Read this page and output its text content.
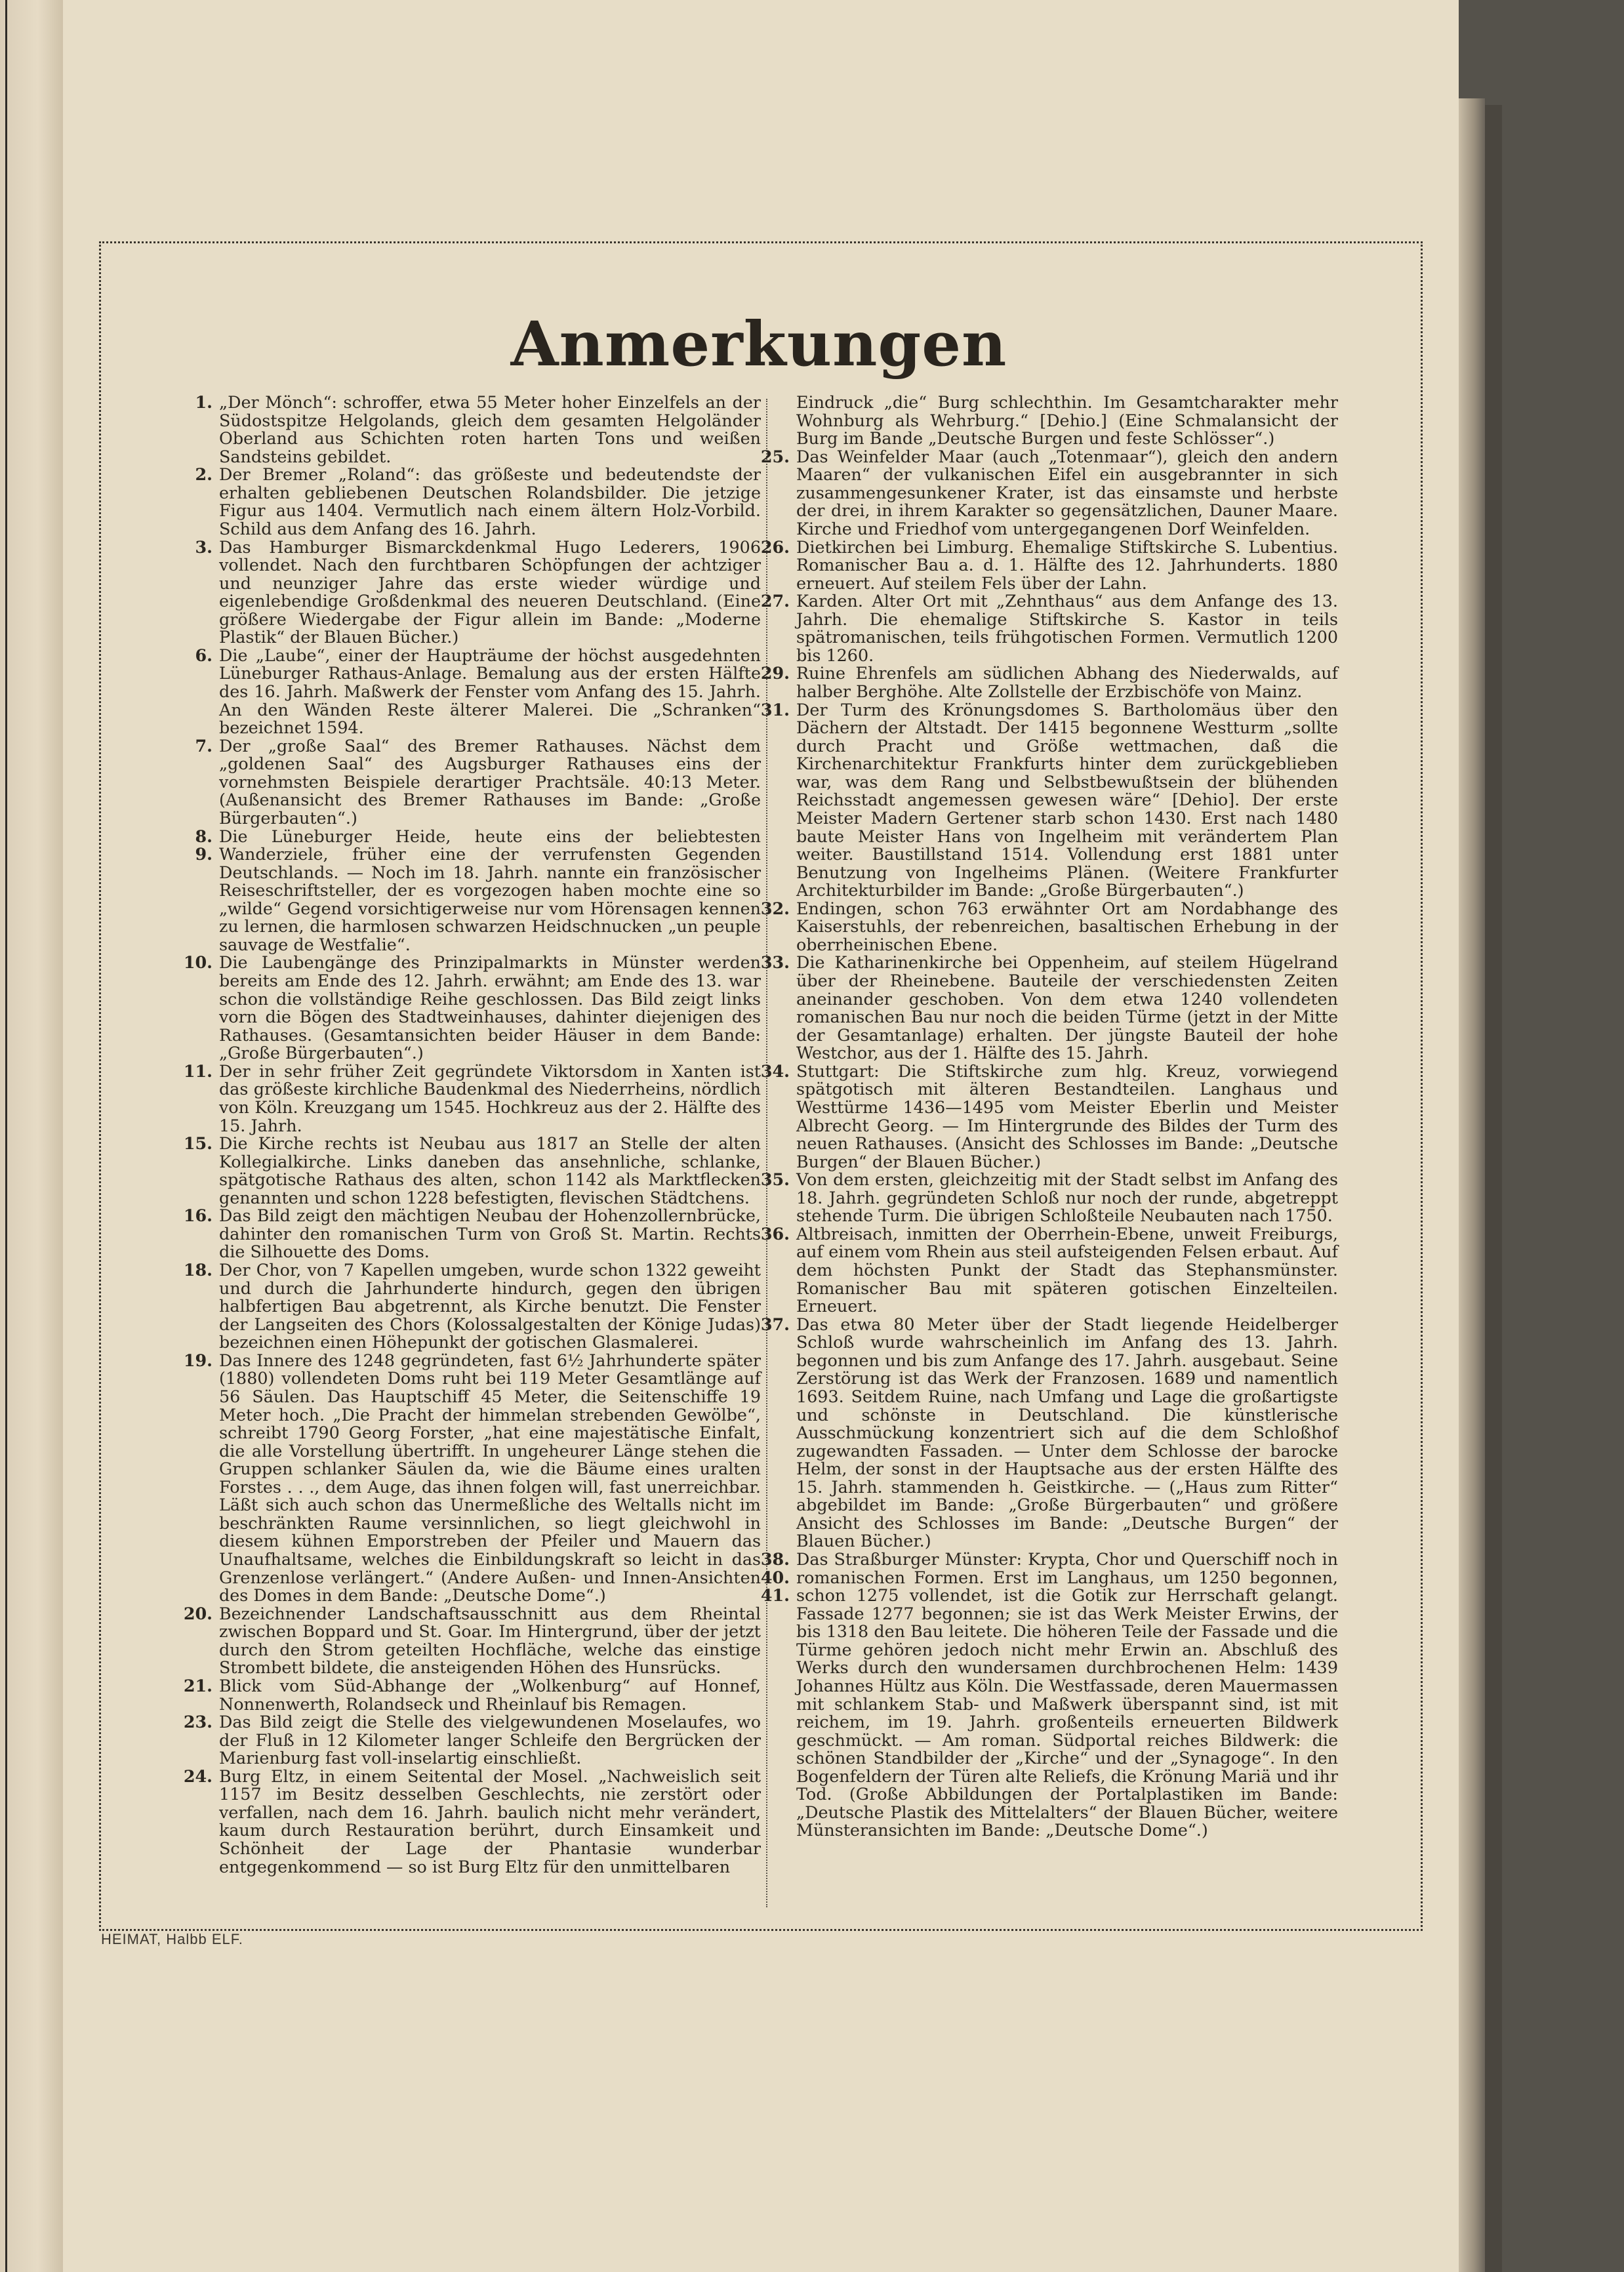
Anmerkungen

1. „Der Mönch“: schroffer, etwa 55 Meter hoher Einzelfels an der Südostspitze Helgolands, gleich dem gesamten Helgoländer Oberland aus Schichten roten harten Tons und weißen Sandsteins gebildet.

2. Der Bremer „Roland“: das größeste und bedeutendste der erhalten gebliebenen Deutschen Rolandsbilder. Die jetzige Figur aus 1404. Vermutlich nach einem ältern Holz-Vorbild. Schild aus dem Anfang des 16. Jahrh.

3. Das Hamburger Bismarckdenkmal Hugo Lederers, 1906 vollendet. Nach den furchtbaren Schöpfungen der achtziger und neunziger Jahre das erste wieder würdige und eigenlebendige Großdenkmal des neueren Deutschland. (Eine größere Wiedergabe der Figur allein im Bande: „Moderne Plastik“ der Blauen Bücher.)

6. Die „Laube“, einer der Haupträume der höchst ausgedehnten Lüneburger Rathaus-Anlage. Bemalung aus der ersten Hälfte des 16. Jahrh. Maßwerk der Fenster vom Anfang des 15. Jahrh. An den Wänden Reste älterer Malerei. Die „Schranken“ bezeichnet 1594.

7. Der „große Saal“ des Bremer Rathauses. Nächst dem „goldenen Saal“ des Augsburger Rathauses eins der vornehmsten Beispiele derartiger Prachtsäle. 40:13 Meter. (Außenansicht des Bremer Rathauses im Bande: „Große Bürgerbauten“.)

8. 9.
Die Lüneburger Heide, heute eins der beliebtesten Wanderziele, früher eine der verrufensten Gegenden Deutschlands. — Noch im 18. Jahrh. nannte ein französischer Reiseschriftsteller, der es vorgezogen haben mochte eine so „wilde“ Gegend vorsichtigerweise nur vom Hörensagen kennen zu lernen, die harmlosen schwarzen Heidschnucken „un peuple sauvage de Westfalie“.

10. Die Laubengänge des Prinzipalmarkts in Münster werden bereits am Ende des 12. Jahrh. erwähnt; am Ende des 13. war schon die vollständige Reihe geschlossen. Das Bild zeigt links vorn die Bögen des Stadtweinhauses, dahinter diejenigen des Rathauses. (Gesamtansichten beider Häuser in dem Bande: „Große Bürgerbauten“.)

11. Der in sehr früher Zeit gegründete Viktorsdom in Xanten ist das größeste kirchliche Baudenkmal des Niederrheins, nördlich von Köln. Kreuzgang um 1545. Hochkreuz aus der 2. Hälfte des 15. Jahrh.

15. Die Kirche rechts ist Neubau aus 1817 an Stelle der alten Kollegialkirche. Links daneben das ansehnliche, schlanke, spätgotische Rathaus des alten, schon 1142 als Marktflecken genannten und schon 1228 befestigten, flevischen Städtchens.

16. Das Bild zeigt den mächtigen Neubau der Hohenzollernbrücke, dahinter den romanischen Turm von Groß St. Martin. Rechts die Silhouette des Doms.

18. Der Chor, von 7 Kapellen umgeben, wurde schon 1322 geweiht und durch die Jahrhunderte hindurch, gegen den übrigen halbfertigen Bau abgetrennt, als Kirche benutzt. Die Fenster der Langseiten des Chors (Kolossalgestalten der Könige Judas) bezeichnen einen Höhepunkt der gotischen Glasmalerei.

19. Das Innere des 1248 gegründeten, fast 6½ Jahrhunderte später (1880) vollendeten Doms ruht bei 119 Meter Gesamtlänge auf 56 Säulen. Das Hauptschiff 45 Meter, die Seitenschiffe 19 Meter hoch. „Die Pracht der himmelan strebenden Gewölbe“, schreibt 1790 Georg Forster, „hat eine majestätische Einfalt, die alle Vorstellung übertrifft. In ungeheurer Länge stehen die Gruppen schlanker Säulen da, wie die Bäume eines uralten Forstes . . ., dem Auge, das ihnen folgen will, fast unerreichbar. Läßt sich auch schon das Unermeßliche des Weltalls nicht im beschränkten Raume versinnlichen, so liegt gleichwohl in diesem kühnen Emporstreben der Pfeiler und Mauern das Unaufhaltsame, welches die Einbildungskraft so leicht in das Grenzenlose verlängert.“ (Andere Außen- und Innen-Ansichten des Domes in dem Bande: „Deutsche Dome“.)

20. Bezeichnender Landschaftsausschnitt aus dem Rheintal zwischen Boppard und St. Goar. Im Hintergrund, über der jetzt durch den Strom geteilten Hochfläche, welche das einstige Strombett bildete, die ansteigenden Höhen des Hunsrücks.

21. Blick vom Süd-Abhange der „Wolkenburg“ auf Honnef, Nonnenwerth, Rolandseck und Rheinlauf bis Remagen.

23. Das Bild zeigt die Stelle des vielgewundenen Moselaufes, wo der Fluß in 12 Kilometer langer Schleife den Bergrücken der Marienburg fast voll-inselartig einschließt.

24. Burg Eltz, in einem Seitental der Mosel. „Nachweislich seit 1157 im Besitz desselben Geschlechts, nie zerstört oder verfallen, nach dem 16. Jahrh. baulich nicht mehr verändert, kaum durch Restauration berührt, durch Einsamkeit und Schönheit der Lage der Phantasie wunderbar entgegenkommend — so ist Burg Eltz für den unmittelbaren

Eindruck „die“ Burg schlechthin. Im Gesamtcharakter mehr Wohnburg als Wehrburg.“ [Dehio.] (Eine Schmalansicht der Burg im Bande „Deutsche Burgen und feste Schlösser“.)

25. Das Weinfelder Maar (auch „Totenmaar“), gleich den andern Maaren“ der vulkanischen Eifel ein ausgebrannter in sich zusammengesunkener Krater, ist das einsamste und herbste der drei, in ihrem Karakter so gegensätzlichen, Dauner Maare. Kirche und Friedhof vom untergegangenen Dorf Weinfelden.

26. Dietkirchen bei Limburg. Ehemalige Stiftskirche S. Lubentius. Romanischer Bau a. d. 1. Hälfte des 12. Jahrhunderts. 1880 erneuert. Auf steilem Fels über der Lahn.

27. Karden. Alter Ort mit „Zehnthaus“ aus dem Anfange des 13. Jahrh. Die ehemalige Stiftskirche S. Kastor in teils spätromanischen, teils frühgotischen Formen. Vermutlich 1200 bis 1260.

29. Ruine Ehrenfels am südlichen Abhang des Niederwalds, auf halber Berghöhe. Alte Zollstelle der Erzbischöfe von Mainz.

31. Der Turm des Krönungsdomes S. Bartholomäus über den Dächern der Altstadt. Der 1415 begonnene Westturm „sollte durch Pracht und Größe wettmachen, daß die Kirchenarchitektur Frankfurts hinter dem zurückgeblieben war, was dem Rang und Selbstbewußtsein der blühenden Reichsstadt angemessen gewesen wäre“ [Dehio]. Der erste Meister Madern Gertener starb schon 1430. Erst nach 1480 baute Meister Hans von Ingelheim mit verändertem Plan weiter. Baustillstand 1514. Vollendung erst 1881 unter Benutzung von Ingelheims Plänen. (Weitere Frankfurter Architekturbilder im Bande: „Große Bürgerbauten“.)

32. Endingen, schon 763 erwähnter Ort am Nordabhange des Kaiserstuhls, der rebenreichen, basaltischen Erhebung in der oberrheinischen Ebene.

33. Die Katharinenkirche bei Oppenheim, auf steilem Hügelrand über der Rheinebene. Bauteile der verschiedensten Zeiten aneinander geschoben. Von dem etwa 1240 vollendeten romanischen Bau nur noch die beiden Türme (jetzt in der Mitte der Gesamtanlage) erhalten. Der jüngste Bauteil der hohe Westchor, aus der 1. Hälfte des 15. Jahrh.

34. Stuttgart: Die Stiftskirche zum hlg. Kreuz, vorwiegend spätgotisch mit älteren Bestandteilen. Langhaus und Westtürme 1436—1495 vom Meister Eberlin und Meister Albrecht Georg. — Im Hintergrunde des Bildes der Turm des neuen Rathauses. (Ansicht des Schlosses im Bande: „Deutsche Burgen“ der Blauen Bücher.)

35. Von dem ersten, gleichzeitig mit der Stadt selbst im Anfang des 18. Jahrh. gegründeten Schloß nur noch der runde, abgetreppt stehende Turm. Die übrigen Schloßteile Neubauten nach 1750.

36. Altbreisach, inmitten der Oberrhein-Ebene, unweit Freiburgs, auf einem vom Rhein aus steil aufsteigenden Felsen erbaut. Auf dem höchsten Punkt der Stadt das Stephansmünster. Romanischer Bau mit späteren gotischen Einzelteilen. Erneuert.

37. Das etwa 80 Meter über der Stadt liegende Heidelberger Schloß wurde wahrscheinlich im Anfang des 13. Jahrh. begonnen und bis zum Anfange des 17. Jahrh. ausgebaut. Seine Zerstörung ist das Werk der Franzosen. 1689 und namentlich 1693. Seitdem Ruine, nach Umfang und Lage die großartigste und schönste in Deutschland. Die künstlerische Ausschmückung konzentriert sich auf die dem Schloßhof zugewandten Fassaden. — Unter dem Schlosse der barocke Helm, der sonst in der Hauptsache aus der ersten Hälfte des 15. Jahrh. stammenden h. Geistkirche. — („Haus zum Ritter“ abgebildet im Bande: „Große Bürgerbauten“ und größere Ansicht des Schlosses im Bande: „Deutsche Burgen“ der Blauen Bücher.)

38. 40. 41.
Das Straßburger Münster: Krypta, Chor und Querschiff noch in romanischen Formen. Erst im Langhaus, um 1250 begonnen, schon 1275 vollendet, ist die Gotik zur Herrschaft gelangt. Fassade 1277 begonnen; sie ist das Werk Meister Erwins, der bis 1318 den Bau leitete. Die höheren Teile der Fassade und die Türme gehören jedoch nicht mehr Erwin an. Abschluß des Werks durch den wundersamen durchbrochenen Helm: 1439 Johannes Hültz aus Köln. Die Westfassade, deren Mauermassen mit schlankem Stab- und Maßwerk überspannt sind, ist mit reichem, im 19. Jahrh. großenteils erneuerten Bildwerk geschmückt. — Am roman. Südportal reiches Bildwerk: die schönen Standbilder der „Kirche“ und der „Synagoge“. In den Bogenfeldern der Türen alte Reliefs, die Krönung Mariä und ihr Tod. (Große Abbildungen der Portalplastiken im Bande: „Deutsche Plastik des Mittelalters“ der Blauen Bücher, weitere Münsteransichten im Bande: „Deutsche Dome“.)

HEIMAT, Halbb ELF.
